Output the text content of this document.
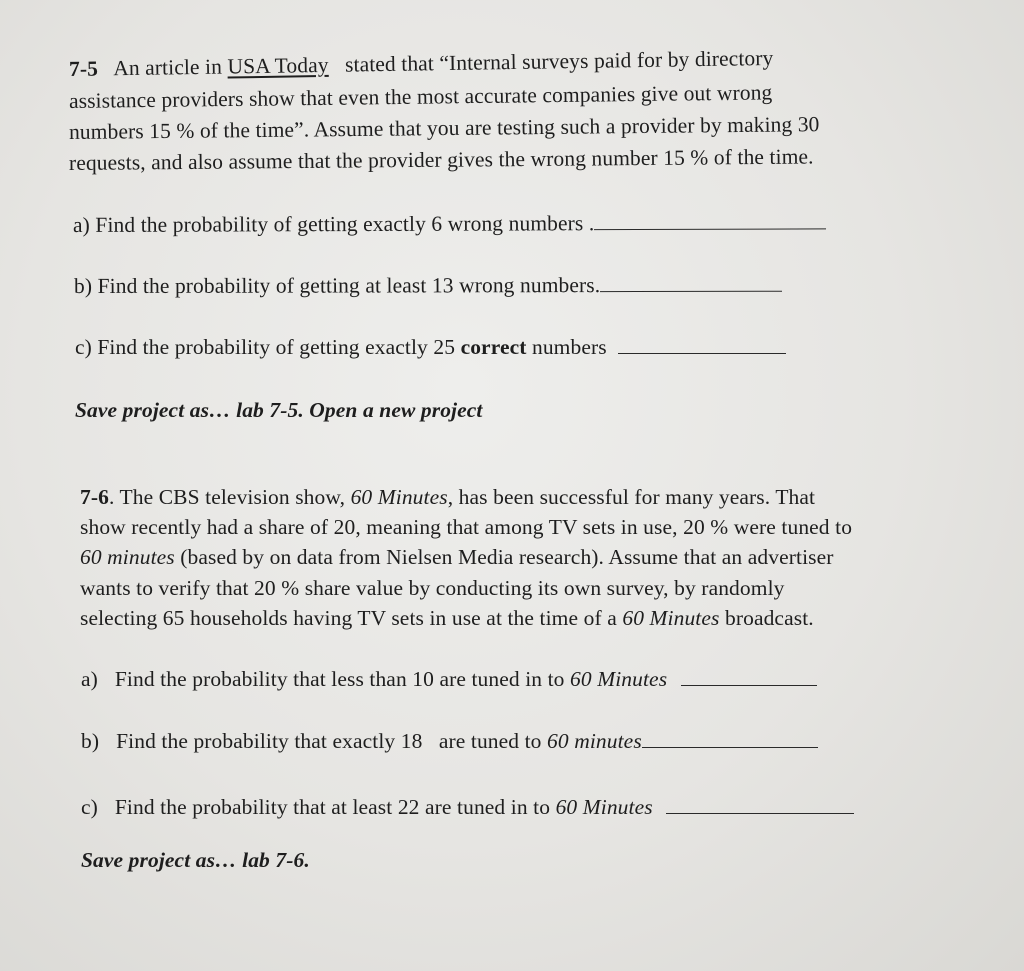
7-5 An article in USA Today stated that “Internal surveys paid for by directory
assistance providers show that even the most accurate companies give out wrong
numbers 15 % of the time”. Assume that you are testing such a provider by making 30
requests, and also assume that the provider gives the wrong number 15 % of the time.
a) Find the probability of getting exactly 6 wrong numbers .
b) Find the probability of getting at least 13 wrong numbers.
c) Find the probability of getting exactly 25 correct numbers
Save project as… lab 7-5. Open a new project
7-6. The CBS television show, 60 Minutes, has been successful for many years. That
show recently had a share of 20, meaning that among TV sets in use, 20 % were tuned to
60 minutes (based by on data from Nielsen Media research). Assume that an advertiser
wants to verify that 20 % share value by conducting its own survey, by randomly
selecting 65 households having TV sets in use at the time of a 60 Minutes broadcast.
a) Find the probability that less than 10 are tuned in to 60 Minutes
b) Find the probability that exactly 18   are tuned to 60 minutes
c) Find the probability that at least 22 are tuned in to 60 Minutes
Save project as… lab 7-6.
